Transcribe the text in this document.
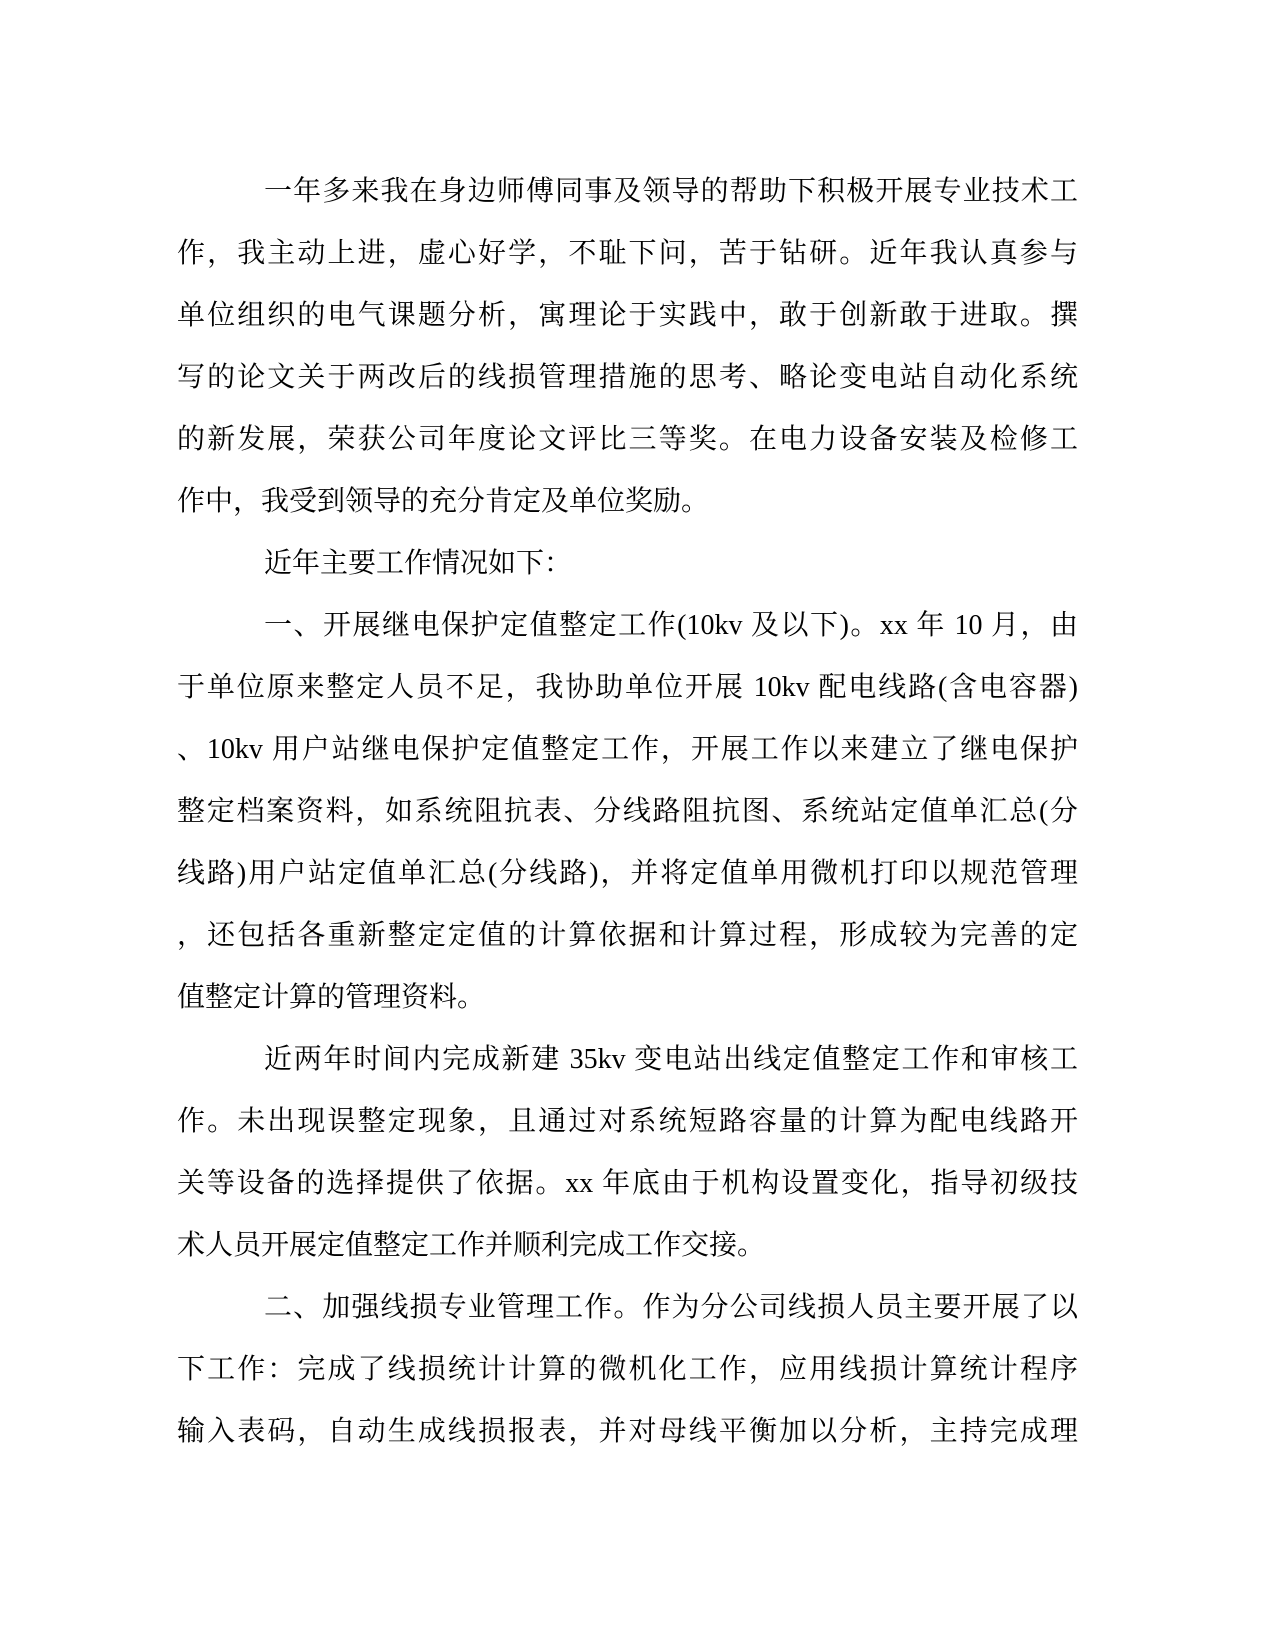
一年多来我在身边师傅同事及领导的帮助下积极开展专业技术工
作，我主动上进，虚心好学，不耻下问，苦于钻研。近年我认真参与
单位组织的电气课题分析，寓理论于实践中，敢于创新敢于进取。撰
写的论文关于两改后的线损管理措施的思考、略论变电站自动化系统
的新发展，荣获公司年度论文评比三等奖。在电力设备安装及检修工
作中，我受到领导的充分肯定及单位奖励。
近年主要工作情况如下：
一、开展继电保护定值整定工作(10kv 及以下)。xx 年 10 月，由
于单位原来整定人员不足，我协助单位开展 10kv 配电线路(含电容器)
、10kv 用户站继电保护定值整定工作，开展工作以来建立了继电保护
整定档案资料，如系统阻抗表、分线路阻抗图、系统站定值单汇总(分
线路)用户站定值单汇总(分线路)，并将定值单用微机打印以规范管理
，还包括各重新整定定值的计算依据和计算过程，形成较为完善的定
值整定计算的管理资料。
近两年时间内完成新建 35kv 变电站出线定值整定工作和审核工
作。未出现误整定现象，且通过对系统短路容量的计算为配电线路开
关等设备的选择提供了依据。xx 年底由于机构设置变化，指导初级技
术人员开展定值整定工作并顺利完成工作交接。
二、加强线损专业管理工作。作为分公司线损人员主要开展了以
下工作：完成了线损统计计算的微机化工作，应用线损计算统计程序
输入表码，自动生成线损报表，并对母线平衡加以分析，主持完成理
